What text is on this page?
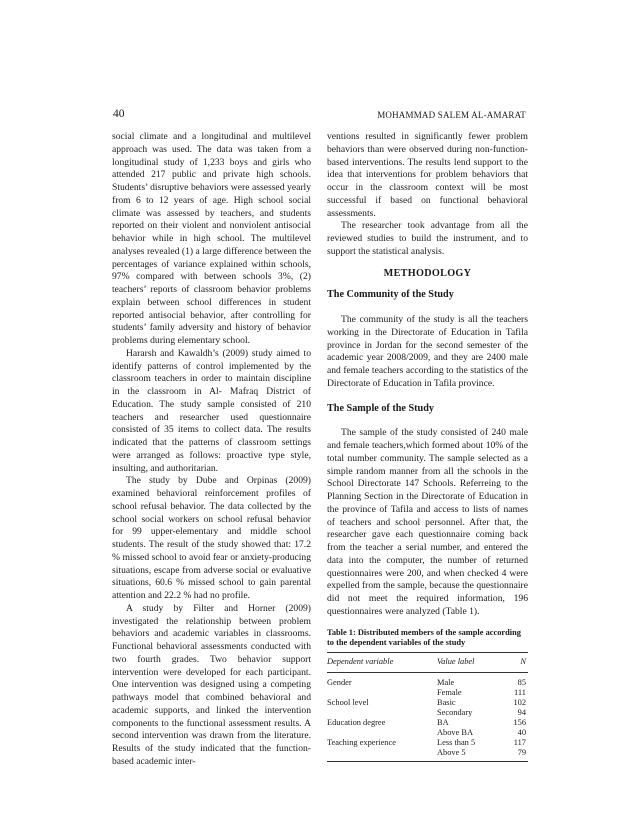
40	MOHAMMAD SALEM AL-AMARAT

social climate and a longitudinal and multilevel approach was used. The data was taken from a longitudinal study of 1,233 boys and girls who attended 217 public and private high schools. Students’ disruptive behaviors were assessed yearly from 6 to 12 years of age. High school social climate was assessed by teachers, and students reported on their violent and nonviolent antisocial behavior while in high school. The multilevel analyses revealed (1) a large difference between the percentages of variance explained within schools, 97% compared with between schools 3%, (2) teachers’ reports of classroom behavior problems explain between school differences in student reported antisocial behavior, after controlling for students’ family adversity and history of behavior problems during elementary school.

Hararsh and Kawaldh’s (2009) study aimed to identify patterns of control implemented by the classroom teachers in order to maintain discipline in the classroom in Al- Mafraq District of Education. The study sample consisted of 210 teachers and researcher used questionnaire consisted of 35 items to collect data. The results indicated that the patterns of classroom settings were arranged as follows: proactive type style, insulting, and authoritarian.

The study by Dube and Orpinas (2009) examined behavioral reinforcement profiles of school refusal behavior. The data collected by the school social workers on school refusal behavior for 99 upper-elementary and middle school students. The result of the study showed that: 17.2 % missed school to avoid fear or anxiety-producing situations, escape from adverse social or evaluative situations, 60.6 % missed school to gain parental attention and 22.2 % had no profile.

A study by Filter and Horner (2009) investigated the relationship between problem behaviors and academic variables in classrooms. Functional behavioral assessments conducted with two fourth grades. Two behavior support intervention were developed for each participant. One intervention was designed using a competing pathways model that combined behavioral and academic supports, and linked the intervention components to the functional assessment results. A second intervention was drawn from the literature. Results of the study indicated that the function-based academic inter-

ventions resulted in significantly fewer problem behaviors than were observed during non-function-based interventions. The results lend support to the idea that interventions for problem behaviors that occur in the classroom context will be most successful if based on functional behavioral assessments.

The researcher took advantage from all the reviewed studies to build the instrument, and to support the statistical analysis.

METHODOLOGY
The Community of the Study

The community of the study is all the teachers working in the Directorate of Education in Tafila province in Jordan for the second semester of the academic year 2008/2009, and they are 2400 male and female teachers according to the statistics of the Directorate of Education in Tafila province.

The Sample of the Study

The sample of the study consisted of 240 male and female teachers,which formed about 10% of the total number community. The sample selected as a simple random manner from all the schools in the School Directorate 147 Schools. Referreing to the Planning Section in the Directorate of Education in the province of Tafila and access to lists of names of teachers and school personnel. After that, the researcher gave each questionnaire coming back from the teacher a serial number, and entered the data into the computer, the number of returned questionnaires were 200, and when checked 4 were expelled from the sample, because the questionnaire did not meet the required information, 196 questionnaires were analyzed (Table 1).

Table 1: Distributed members of the sample according to the dependent variables of the study
Dependent variable	Value label	N
Gender	Male	85
	Female	111
School level	Basic	102
	Secondary	94
Education degree	BA	156
	Above BA	40
Teaching experience	Less than 5	117
	Above 5	79
